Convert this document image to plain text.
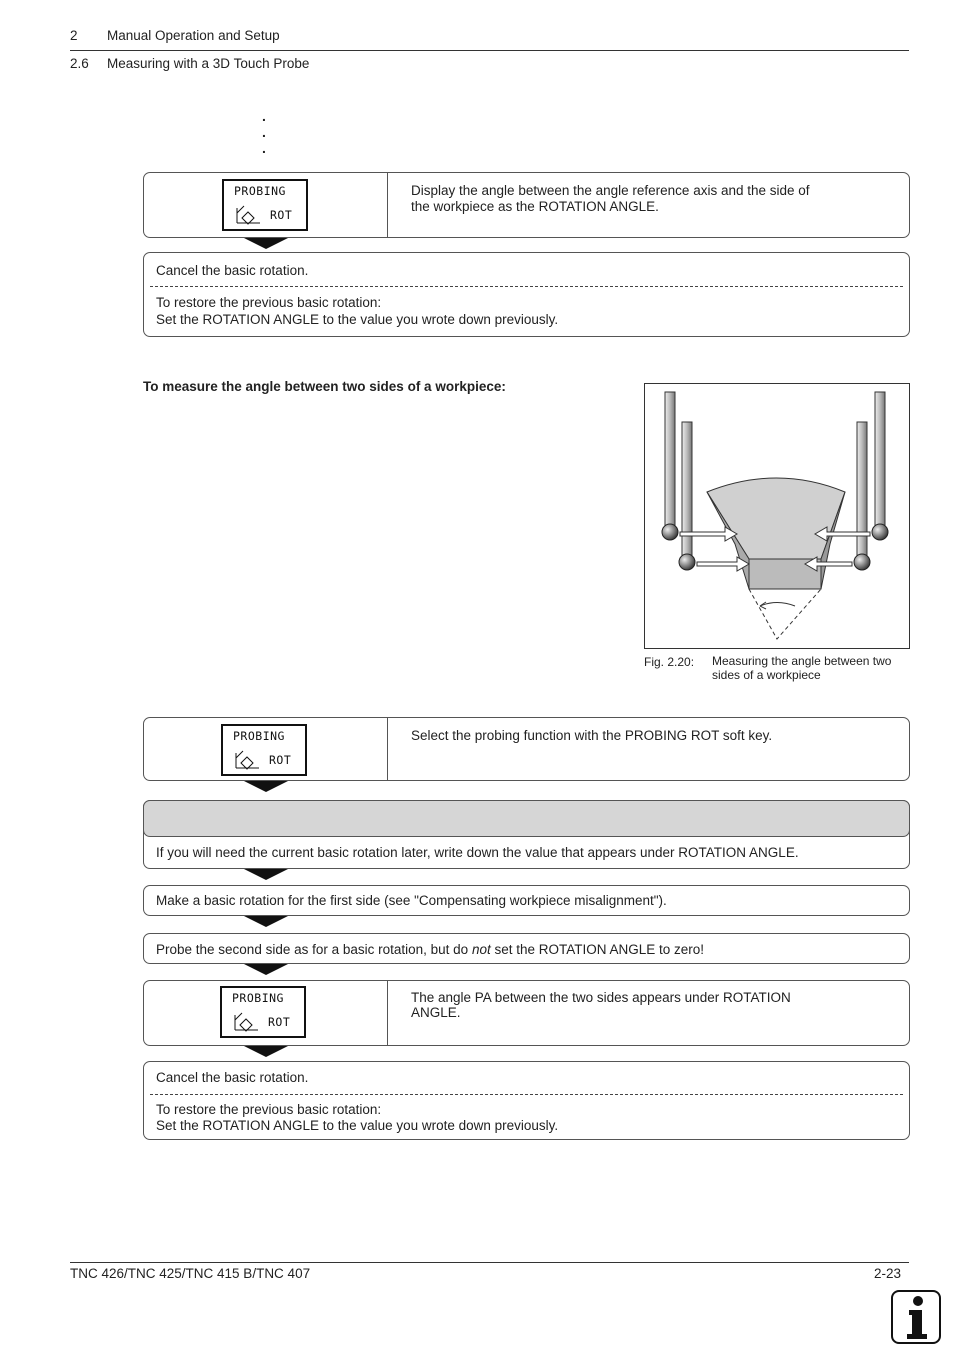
2 Manual Operation and Setup
2.6 Measuring with a 3D Touch Probe
.
.
.
PROBING
ROT
Display the angle between the angle reference axis and the side of
the workpiece as the ROTATION ANGLE.
Cancel the basic rotation.
To restore the previous basic rotation:
Set the ROTATION ANGLE to the value you wrote down previously.
To measure the angle between two sides of a workpiece:
Fig. 2.20: Measuring the angle between two
sides of a workpiece
PROBING
ROT
Select the probing function with the PROBING ROT soft key.
If you will need the current basic rotation later, write down the value that appears under ROTATION ANGLE.
Make a basic rotation for the first side (see "Compensating workpiece misalignment").
Probe the second side as for a basic rotation, but do not set the ROTATION ANGLE to zero!
PROBING
ROT
The angle PA between the two sides appears under ROTATION
ANGLE.
Cancel the basic rotation.
To restore the previous basic rotation:
Set the ROTATION ANGLE to the value you wrote down previously.
TNC 426/TNC 425/TNC 415 B/TNC 407	2-23
